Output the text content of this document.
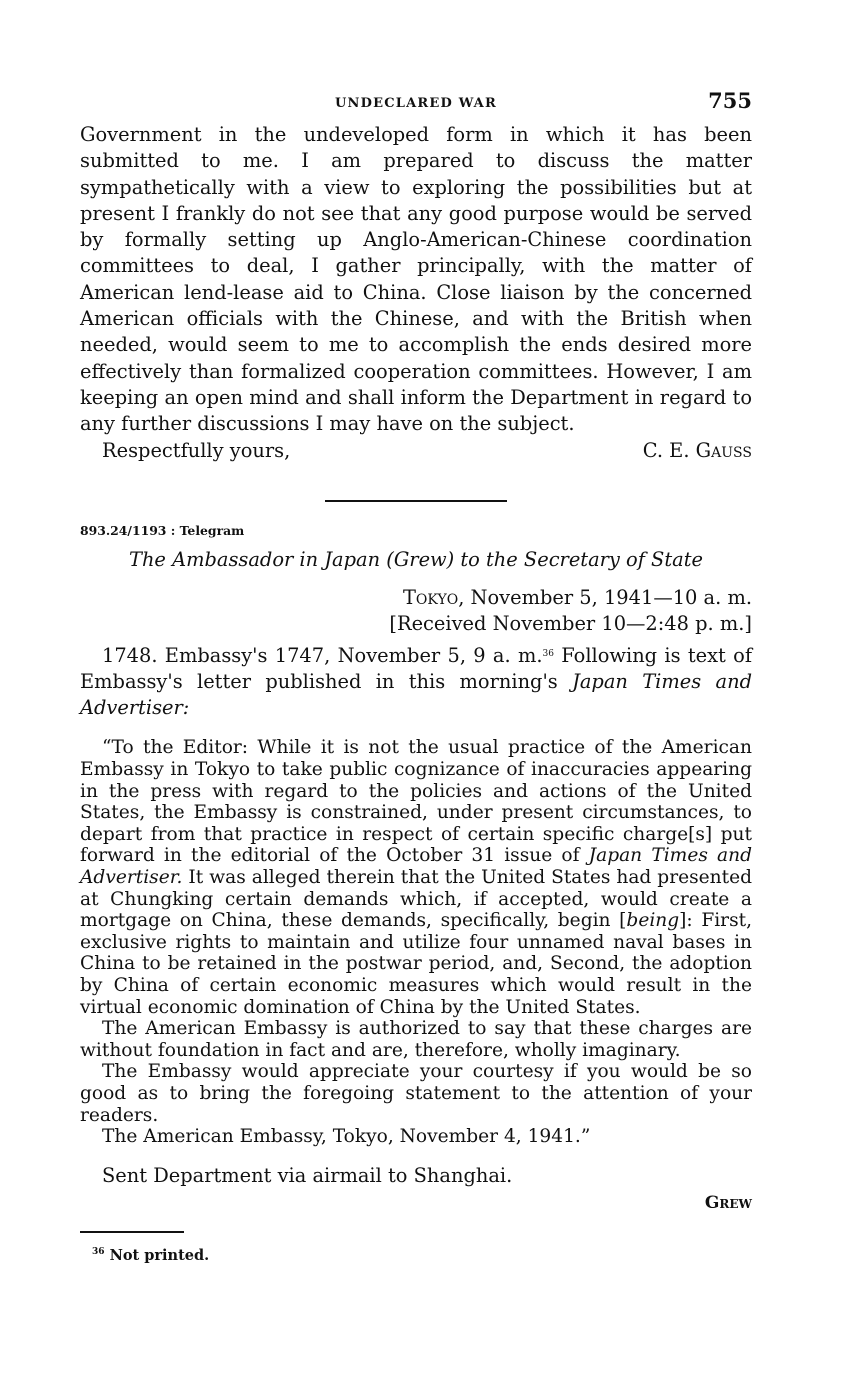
UNDECLARED WAR	755

Government in the undeveloped form in which it has been submitted to me. I am prepared to discuss the matter sympathetically with a view to exploring the possibilities but at present I frankly do not see that any good purpose would be served by formally setting up Anglo-American-Chinese coordination committees to deal, I gather principally, with the matter of American lend-lease aid to China. Close liaison by the concerned American officials with the Chinese, and with the British when needed, would seem to me to accomplish the ends desired more effectively than formalized cooperation committees. However, I am keeping an open mind and shall inform the Department in regard to any further discussions I may have on the subject.

Respectfully yours,	C. E. Gauss
893.24/1193 : Telegram
The Ambassador in Japan (Grew) to the Secretary of State
Tokyo, November 5, 1941—10 a. m.
[Received November 10—2:48 p. m.]

1748. Embassy's 1747, November 5, 9 a. m.$^{36}$ Following is text of Embassy's letter published in this morning's Japan Times and Advertiser:

“To the Editor: While it is not the usual practice of the American Embassy in Tokyo to take public cognizance of inaccuracies appearing in the press with regard to the policies and actions of the United States, the Embassy is constrained, under present circumstances, to depart from that practice in respect of certain specific charge[s] put forward in the editorial of the October 31 issue of Japan Times and Advertiser. It was alleged therein that the United States had presented at Chungking certain demands which, if accepted, would create a mortgage on China, these demands, specifically, begin [being]: First, exclusive rights to maintain and utilize four unnamed naval bases in China to be retained in the postwar period, and, Second, the adoption by China of certain economic measures which would result in the virtual economic domination of China by the United States.

The American Embassy is authorized to say that these charges are without foundation in fact and are, therefore, wholly imaginary.

The Embassy would appreciate your courtesy if you would be so good as to bring the foregoing statement to the attention of your readers.

The American Embassy, Tokyo, November 4, 1941.”

Sent Department via airmail to Shanghai.

Grew
$^{36}$ Not printed.
